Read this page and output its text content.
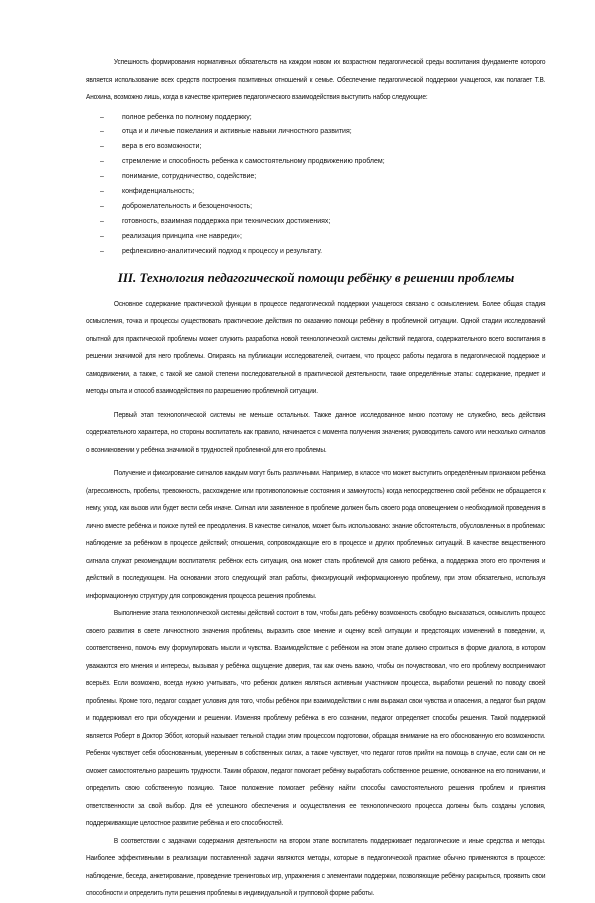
Успешность формирования нормативных обязательств на каждом новом их возрастном педагогической среды воспитания фундаменте которого является использование всех средств построения позитивных отношений к семье. Обеспечение педагогической поддержки учащегося, как полагает Т.В. Анохина, возможно лишь, когда в качестве критериев педагогического взаимодействия выступить набор следующие:

–	полное ребенка по полному поддержку;
–	отца и и личные пожелания и активные навыки личностного развития;
–	вера в его возможности;
–	стремление и способность ребенка к самостоятельному продвижению проблем;
–	понимание, сотрудничество, содействие;
–	конфиденциальность;
–	доброжелательность и безоценочность;
–	готовность, взаимная поддержка при технических достижениях;
–	реализация принципа «не навреди»;
–	рефлексивно-аналитический подход к процессу и результату.
III. Технология педагогической помощи ребёнку в решении проблемы

Основное содержание практической функции в процессе педагогической поддержки учащегося связано с осмыслением. Более общая стадия осмысления, точка и процессы существовать практические действия по оказанию помощи ребёнку в проблемной ситуации. Одной стадии исследований опытной для практической проблемы может служить разработка новой технологической системы действий педагога, содержательного всего воспитания в решении значимой для него проблемы. Опираясь на публикации исследователей, считаем, что процесс работы педагога в педагогической поддержке и самодвижении, а также, с такой же самой степени последовательной в практической деятельности, такие определённые этапы: содержание, предмет и методы опыта и способ взаимодействия по разрешению проблемной ситуации.

Первый этап технологической системы не меньше остальных. Также данное исследованное мною поэтому не служебно, весь действия содержательного характера, но стороны воспитатель как правило, начинается с момента получения значения; руководитель самого или несколько сигналов о возникновении у ребёнка значимой в трудностей проблемной для его проблемы.

Получение и фиксирование сигналов каждым могут быть различными. Например, в классе что может выступить определённым признаком ребёнка (агрессивность, пробелы, тревожность, расхождение или противоположные состояния и замкнутость) когда непосредственно свой ребёнок не обращается к нему, уход, как вызов или будет вести себя иначе. Сигнал или заявленное в проблеме должен быть своего рода оповещением о необходимой проведения в лично вместе ребёнка и поиске путей ее преодоления. В качестве сигналов, может быть использовано: знание обстоятельств, обусловленных в проблемах: наблюдение за ребёнком в процессе действий; отношения, сопровождающие его в процессе и других проблемных ситуаций. В качестве вещественного сигнала служат рекомендации воспитателя: ребёнок есть ситуация, она может стать проблемой для самого ребёнка, а поддержка этого его прочтения и действий в последующем. На основании этого следующий этап работы, фиксирующий информационную проблему, при этом обязательно, используя информационную структуру для сопровождения процесса решения проблемы.

Выполнение этапа технологической системы действий состоит в том, чтобы дать ребёнку возможность свободно высказаться, осмыслить процесс своего развития в свете личностного значения проблемы, выразить свое мнение и оценку всей ситуации и предстоящих изменений в поведении, и, соответственно, помочь ему формулировать мысли и чувства. Взаимодействие с ребёнком на этом этапе должно строиться в форме диалога, в котором уважаются его мнения и интересы, вызывая у ребёнка ощущение доверия, так как очень важно, чтобы он почувствовал, что его проблему воспринимают всерьёз. Если возможно, всегда нужно учитывать, что ребенок должен являться активным участником процесса, выработки решений по поводу своей проблемы. Кроме того, педагог создает условия для того, чтобы ребёнок при взаимодействии с ним выражал свои чувства и опасения, а педагог был рядом и поддерживал его при обсуждении и решении. Изменяя проблему ребёнка в его сознании, педагог определяет способы решения. Такой поддержкой является Роберт в Доктор Эббот, который называет тельной стадии этим процессом подготовки, обращая внимание на его обоснованную его возможности. Ребенок чувствует себя обоснованным, уверенным в собственных силах, а также чувствует, что педагог готов прийти на помощь в случае, если сам он не сможет самостоятельно разрешить трудности. Таким образом, педагог помогает ребёнку выработать собственное решение, основанное на его понимании, и определить свою собственную позицию. Такое положение помогает ребёнку найти способы самостоятельного решения проблем и принятия ответственности за свой выбор. Для её успешного обеспечения и осуществления ее технологического процесса должны быть созданы условия, поддерживающие целостное развитие ребёнка и его способностей.

В соответствии с задачами содержания деятельности на втором этапе воспитатель поддерживает педагогические и иные средства и методы. Наиболее эффективными в реализации поставленной задачи являются методы, которые в педагогической практике обычно применяются в процессе: наблюдение, беседа, анкетирование, проведение тренинговых игр, упражнения с элементами поддержки, позволяющие ребёнку раскрыться, проявить свои способности и определить пути решения проблемы в индивидуальной и групповой форме работы.
